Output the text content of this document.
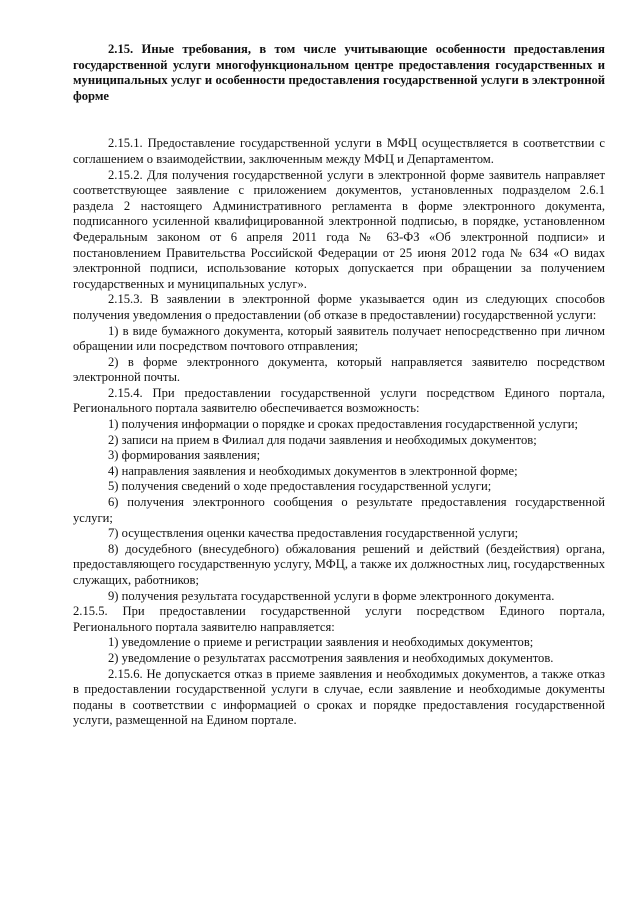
2.15. Иные требования, в том числе учитывающие особенности предоставления государственной услуги многофункциональном центре предоставления государственных и муниципальных услуг и особенности предоставления государственной услуги в электронной форме

2.15.1. Предоставление государственной услуги в МФЦ осуществляется в соответствии с соглашением о взаимодействии, заключенным между МФЦ и Департаментом.

2.15.2. Для получения государственной услуги в электронной форме заявитель направляет соответствующее заявление с приложением документов, установленных подразделом 2.6.1 раздела 2 настоящего Административного регламента в форме электронного документа, подписанного усиленной квалифицированной электронной подписью, в порядке, установленном Федеральным законом от 6 апреля 2011 года № 63-ФЗ «Об электронной подписи» и постановлением Правительства Российской Федерации от 25 июня 2012 года № 634 «О видах электронной подписи, использование которых допускается при обращении за получением государственных и муниципальных услуг».

2.15.3. В заявлении в электронной форме указывается один из следующих способов получения уведомления о предоставлении (об отказе в предоставлении) государственной услуги:

1) в виде бумажного документа, который заявитель получает непосредственно при личном обращении или посредством почтового отправления;

2) в форме электронного документа, который направляется заявителю посредством электронной почты.

2.15.4. При предоставлении государственной услуги посредством Единого портала, Регионального портала заявителю обеспечивается возможность:

1) получения информации о порядке и сроках предоставления государственной услуги;

2) записи на прием в Филиал для подачи заявления и необходимых документов;

3) формирования заявления;

4) направления заявления и необходимых документов в электронной форме;

5) получения сведений о ходе предоставления государственной услуги;

6) получения электронного сообщения о результате предоставления государственной услуги;

7) осуществления оценки качества предоставления государственной услуги;

8) досудебного (внесудебного) обжалования решений и действий (бездействия) органа, предоставляющего государственную услугу, МФЦ, а также их должностных лиц, государственных служащих, работников;

9) получения результата государственной услуги в форме электронного документа.

2.15.5. При предоставлении государственной услуги посредством Единого портала, Регионального портала заявителю направляется:

1) уведомление о приеме и регистрации заявления и необходимых документов;

2) уведомление о результатах рассмотрения заявления и необходимых документов.

2.15.6. Не допускается отказ в приеме заявления и необходимых документов, а также отказ в предоставлении государственной услуги в случае, если заявление и необходимые документы поданы в соответствии с информацией о сроках и порядке предоставления государственной услуги, размещенной на Едином портале.
